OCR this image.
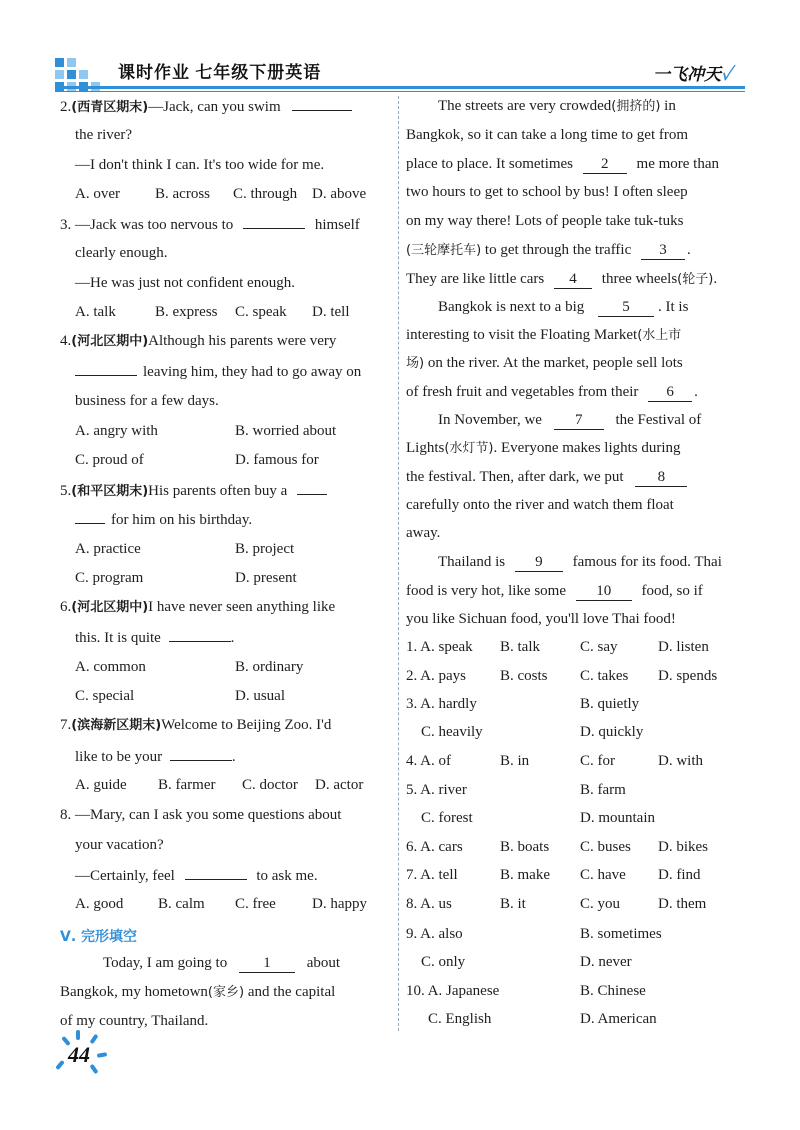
课时作业 七年级下册英语	一飞冲天✓
2.(西青区期末)—Jack, can you swim
the river?
—I don't think I can. It's too wide for me.
A. over B. across C. through D. above
3. —Jack was too nervous to	himself
clearly enough.
—He was just not confident enough.
A. talk	B. express C. speak D. tell
4.(河北区期中)Although his parents were very
leaving him, they had to go away on
business for a few days.
A. angry with	B. worried about
C. proud of	D. famous for
5.(和平区期末)His parents often buy a
for him on his birthday.
A. practice	B. project
C. program	D. present
6.(河北区期中)I have never seen anything like
this. It is quite	.
A. common	B. ordinary
C. special	D. usual
7.(滨海新区期末)Welcome to Beijing Zoo. I'd
like to be your	.
A. guide B. farmer C. doctor D. actor
8. —Mary, can I ask you some questions about
your vacation?
—Certainly, feel	to ask me.
A. good B. calm C. free D. happy
Ⅴ. 完形填空
Today, I am going to 1 about
Bangkok, my hometown(家乡) and the capital
of my country, Thailand.
The streets are very crowded(拥挤的) in
Bangkok, so it can take a long time to get from
place to place. It sometimes 2 me more than
two hours to get to school by bus! I often sleep
on my way there! Lots of people take tuk-tuks
(三轮摩托车) to get through the traffic 3 .
They are like little cars 4 three wheels(轮子).
Bangkok is next to a big	5 . It is
interesting to visit the Floating Market(水上市
场) on the river. At the market, people sell lots
of fresh fruit and vegetables from their 6 .
In November, we 7 the Festival of
Lights(水灯节). Everyone makes lights during
the festival. Then, after dark, we put 8
carefully onto the river and watch them float
away.
Thailand is 9 famous for its food. Thai
food is very hot, like some 10 food, so if
you like Sichuan food, you'll love Thai food!
1. A. speak B. talk	C. say	D. listen
2. A. pays B. costs C. takes D. spends
3. A. hardly	B. quietly
C. heavily	D. quickly
4. A. of	B. in	C. for	D. with
5. A. river	B. farm
C. forest	D. mountain
6. A. cars B. boats C. buses D. bikes
7. A. tell	B. make C. have D. find
8. A. us	B. it	C. you	D. them
9. A. also	B. sometimes
C. only	D. never
10. A. Japanese	B. Chinese
C. English	D. American
44
